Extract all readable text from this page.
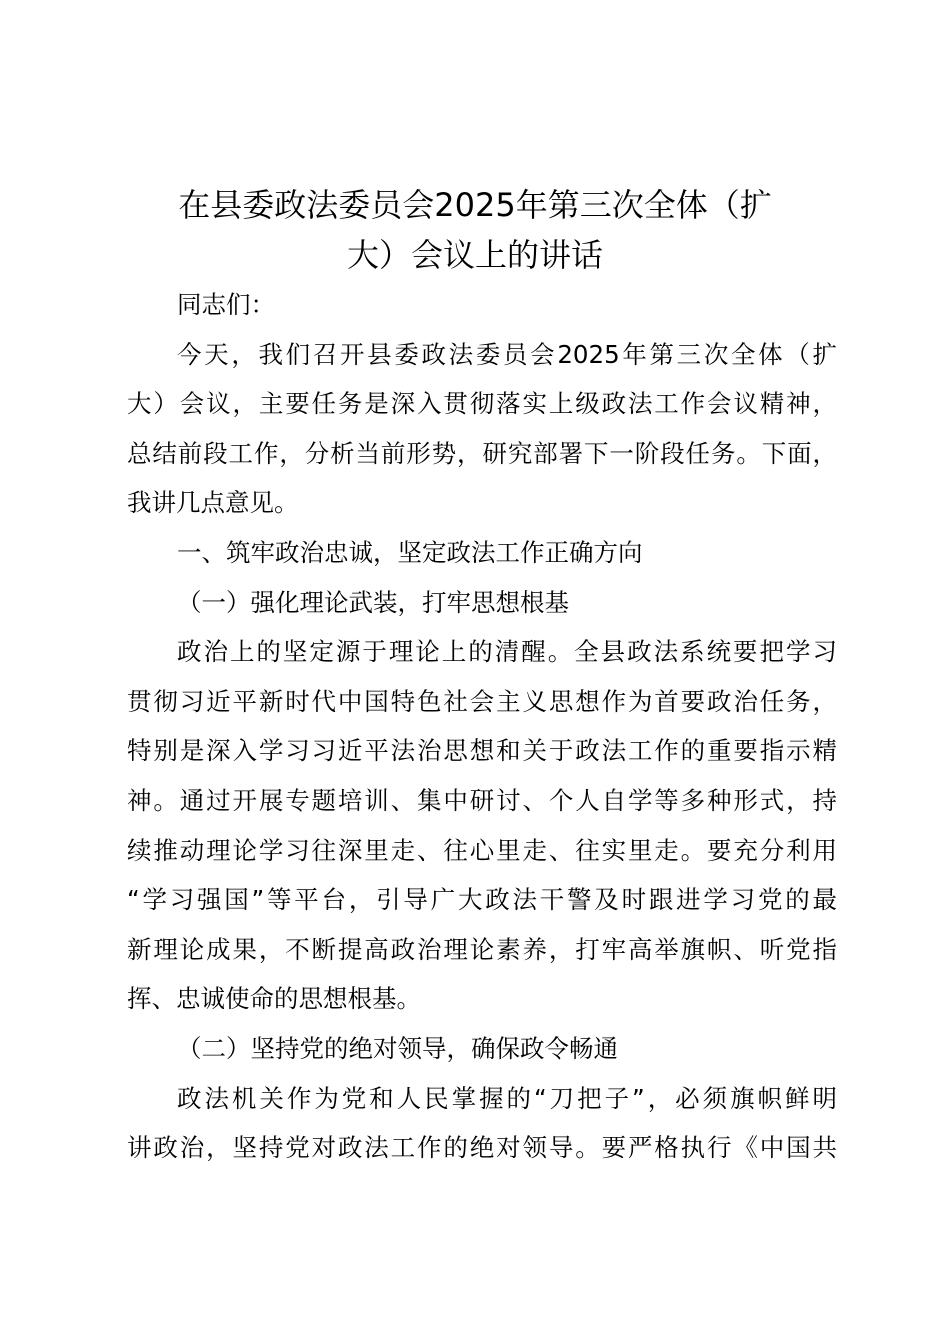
在县委政法委员会2025年第三次全体（扩
大）会议上的讲话
同志们：
今天，我们召开县委政法委员会2025年第三次全体（扩
大）会议，主要任务是深入贯彻落实上级政法工作会议精神，
总结前段工作，分析当前形势，研究部署下一阶段任务。下面，
我讲几点意见。
一、筑牢政治忠诚，坚定政法工作正确方向
（一）强化理论武装，打牢思想根基
政治上的坚定源于理论上的清醒。全县政法系统要把学习
贯彻习近平新时代中国特色社会主义思想作为首要政治任务，
特别是深入学习习近平法治思想和关于政法工作的重要指示精
神。通过开展专题培训、集中研讨、个人自学等多种形式，持
续推动理论学习往深里走、往心里走、往实里走。要充分利用
“学习强国”等平台，引导广大政法干警及时跟进学习党的最
新理论成果，不断提高政治理论素养，打牢高举旗帜、听党指
挥、忠诚使命的思想根基。
（二）坚持党的绝对领导，确保政令畅通
政法机关作为党和人民掌握的“刀把子”，必须旗帜鲜明
讲政治，坚持党对政法工作的绝对领导。要严格执行《中国共
